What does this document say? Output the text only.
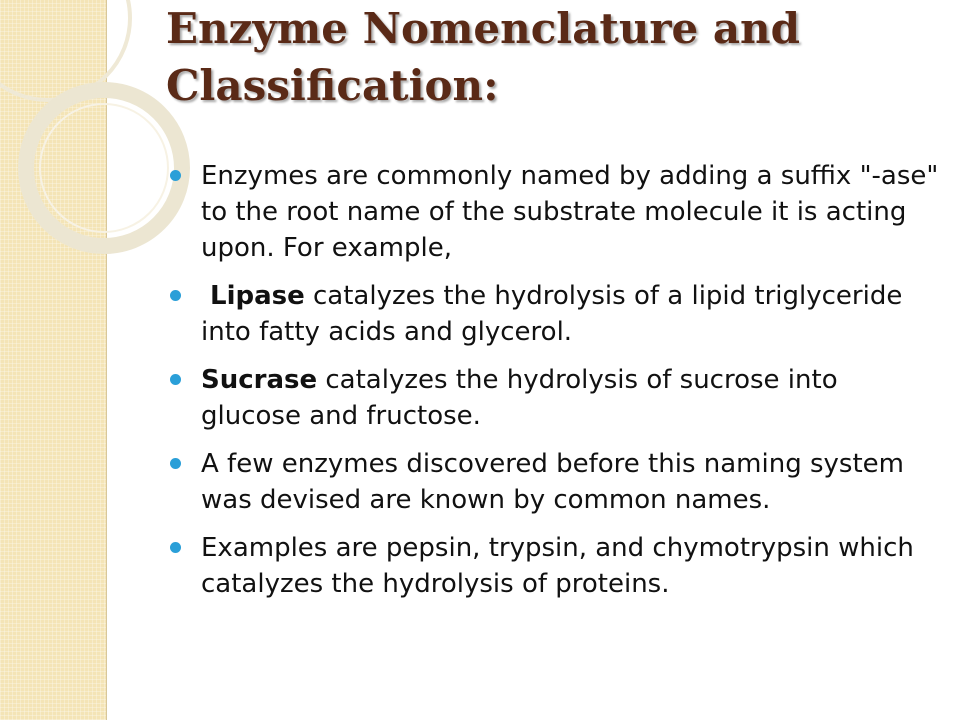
Enzyme Nomenclature and Classification:
Enzymes are commonly named by adding a suffix "-ase" to the root name of the substrate molecule it is acting upon. For example,
Lipase catalyzes the hydrolysis of a lipid triglyceride into fatty acids and glycerol.
Sucrase catalyzes the hydrolysis of sucrose into glucose and fructose.
A few enzymes discovered before this naming system was devised are known by common names.
Examples are pepsin, trypsin, and chymotrypsin which catalyzes the hydrolysis of proteins.
